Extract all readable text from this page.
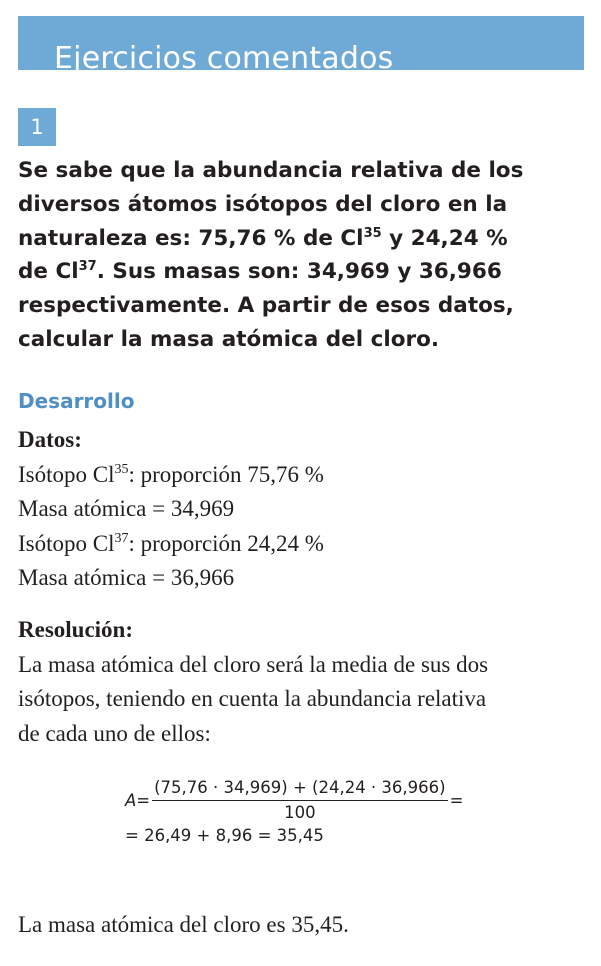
Ejercicios comentados
1
Se sabe que la abundancia relativa de los
diversos átomos isótopos del cloro en la
naturaleza es: 75,76 % de Cl$^{35}$ y 24,24 %
de Cl$^{37}$. Sus masas son: 34,969 y 36,966
respectivamente. A partir de esos datos,
calcular la masa atómica del cloro.
Desarrollo
Datos:
Isótopo Cl$^{35}$: proporción 75,76 %
Masa atómica = 34,969
Isótopo Cl$^{37}$: proporción 24,24 %
Masa atómica = 36,966
Resolución:
La masa atómica del cloro será la media de sus dos
isótopos, teniendo en cuenta la abundancia relativa
de cada uno de ellos:
$A = \frac{(75,76 \cdot 34,969) + (24,24 \cdot 36,966)}{100}$ =
= 26,49 + 8,96 = 35,45
La masa atómica del cloro es 35,45.
